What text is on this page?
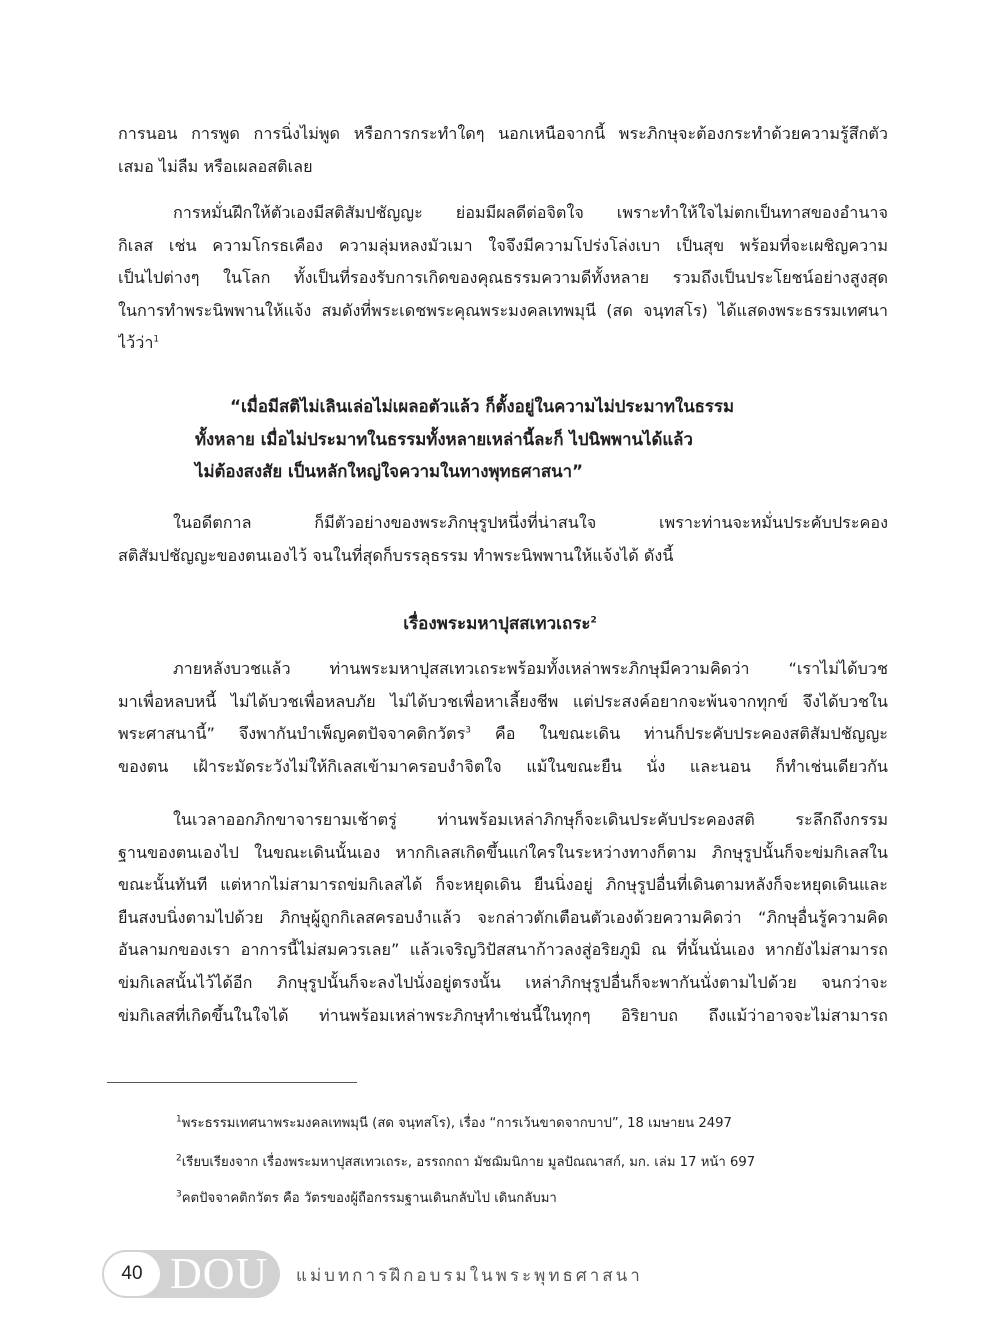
การนอน การพูด การนิ่งไม่พูด หรือการกระทำใดๆ นอกเหนือจากนี้ พระภิกษุจะต้องกระทำด้วยความรู้สึกตัว
เสมอ ไม่ลืม หรือเผลอสติเลย
การหมั่นฝึกให้ตัวเองมีสติสัมปชัญญะ ย่อมมีผลดีต่อจิตใจ เพราะทำให้ใจไม่ตกเป็นทาสของอำนาจ
กิเลส เช่น ความโกรธเคือง ความลุ่มหลงมัวเมา ใจจึงมีความโปร่งโล่งเบา เป็นสุข พร้อมที่จะเผชิญความ
เป็นไปต่างๆ ในโลก ทั้งเป็นที่รองรับการเกิดของคุณธรรมความดีทั้งหลาย รวมถึงเป็นประโยชน์อย่างสูงสุด
ในการทำพระนิพพานให้แจ้ง สมดังที่พระเดชพระคุณพระมงคลเทพมุนี (สด จนฺทสโร) ได้แสดงพระธรรมเทศนา
ไว้ว่า$^1$
“เมื่อมีสติไม่เลินเล่อไม่เผลอตัวแล้ว ก็ตั้งอยู่ในความไม่ประมาทในธรรม
ทั้งหลาย เมื่อไม่ประมาทในธรรมทั้งหลายเหล่านี้ละก็ ไปนิพพานได้แล้ว
ไม่ต้องสงสัย เป็นหลักใหญ่ใจความในทางพุทธศาสนา”
ในอดีตกาล ก็มีตัวอย่างของพระภิกษุรูปหนึ่งที่น่าสนใจ เพราะท่านจะหมั่นประคับประคอง
สติสัมปชัญญะของตนเองไว้ จนในที่สุดก็บรรลุธรรม ทำพระนิพพานให้แจ้งได้ ดังนี้
เรื่องพระมหาปุสสเทวเถระ$^2$
ภายหลังบวชแล้ว ท่านพระมหาปุสสเทวเถระพร้อมทั้งเหล่าพระภิกษุมีความคิดว่า “เราไม่ได้บวช
มาเพื่อหลบหนี้ ไม่ได้บวชเพื่อหลบภัย ไม่ได้บวชเพื่อหาเลี้ยงชีพ แต่ประสงค์อยากจะพ้นจากทุกข์ จึงได้บวชใน
พระศาสนานี้” จึงพากันบำเพ็ญคตปัจจาคติกวัตร$^3$ คือ ในขณะเดิน ท่านก็ประคับประคองสติสัมปชัญญะ
ของตน เฝ้าระมัดระวังไม่ให้กิเลสเข้ามาครอบงำจิตใจ แม้ในขณะยืน นั่ง และนอน ก็ทำเช่นเดียวกัน
ในเวลาออกภิกขาจารยามเช้าตรู่ ท่านพร้อมเหล่าภิกษุก็จะเดินประคับประคองสติ ระลึกถึงกรรม
ฐานของตนเองไป ในขณะเดินนั้นเอง หากกิเลสเกิดขึ้นแก่ใครในระหว่างทางก็ตาม ภิกษุรูปนั้นก็จะข่มกิเลสใน
ขณะนั้นทันที แต่หากไม่สามารถข่มกิเลสได้ ก็จะหยุดเดิน ยืนนิ่งอยู่ ภิกษุรูปอื่นที่เดินตามหลังก็จะหยุดเดินและ
ยืนสงบนิ่งตามไปด้วย ภิกษุผู้ถูกกิเลสครอบงำแล้ว จะกล่าวตักเตือนตัวเองด้วยความคิดว่า “ภิกษุอื่นรู้ความคิด
อันลามกของเรา อาการนี้ไม่สมควรเลย” แล้วเจริญวิปัสสนาก้าวลงสู่อริยภูมิ ณ ที่นั้นนั่นเอง หากยังไม่สามารถ
ข่มกิเลสนั้นไว้ได้อีก ภิกษุรูปนั้นก็จะลงไปนั่งอยู่ตรงนั้น เหล่าภิกษุรูปอื่นก็จะพากันนั่งตามไปด้วย จนกว่าจะ
ข่มกิเลสที่เกิดขึ้นในใจได้ ท่านพร้อมเหล่าพระภิกษุทำเช่นนี้ในทุกๆ อิริยาบถ ถึงแม้ว่าอาจจะไม่สามารถ
$^1$พระธรรมเทศนาพระมงคลเทพมุนี (สด จนฺทสโร), เรื่อง “การเว้นขาดจากบาป”, 18 เมษายน 2497
$^2$เรียบเรียงจาก เรื่องพระมหาปุสสเทวเถระ, อรรถกถา มัชฌิมนิกาย มูลปัณณาสก์, มก. เล่ม 17 หน้า 697
$^3$คตปัจจาคติกวัตร คือ วัตรของผู้ถือกรรมฐานเดินกลับไป เดินกลับมา
40 DOU แม่บทการฝึกอบรมในพระพุทธศาสนา
